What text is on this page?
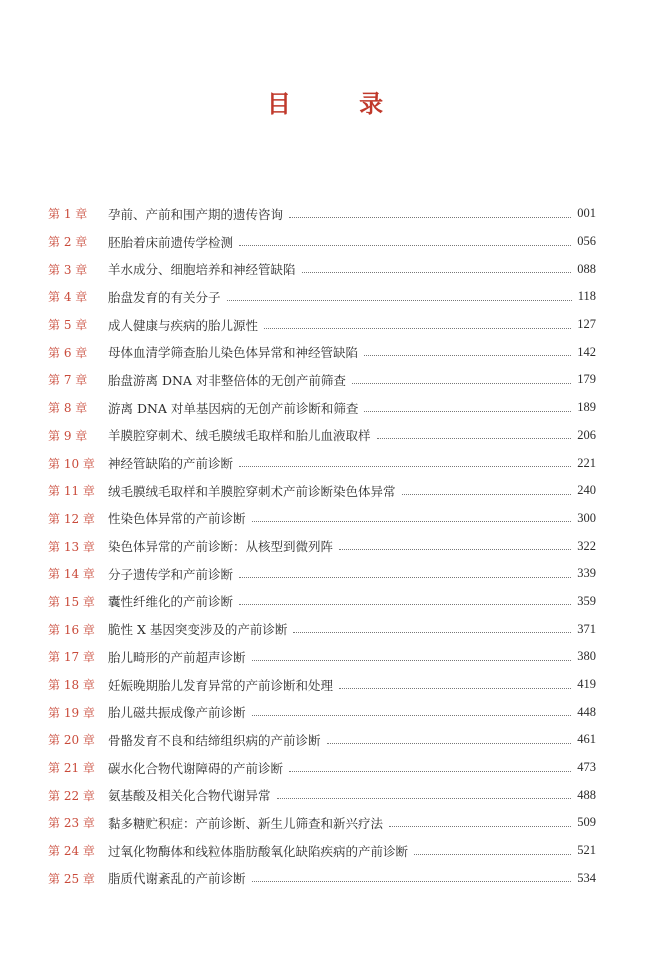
目 录
第 1 章	孕前、产前和围产期的遗传咨询	001
第 2 章	胚胎着床前遗传学检测	056
第 3 章	羊水成分、细胞培养和神经管缺陷	088
第 4 章	胎盘发育的有关分子	118
第 5 章	成人健康与疾病的胎儿源性	127
第 6 章	母体血清学筛查胎儿染色体异常和神经管缺陷	142
第 7 章	胎盘游离 DNA 对非整倍体的无创产前筛查	179
第 8 章	游离 DNA 对单基因病的无创产前诊断和筛查	189
第 9 章	羊膜腔穿刺术、绒毛膜绒毛取样和胎儿血液取样	206
第 10 章	神经管缺陷的产前诊断	221
第 11 章	绒毛膜绒毛取样和羊膜腔穿刺术产前诊断染色体异常	240
第 12 章	性染色体异常的产前诊断	300
第 13 章	染色体异常的产前诊断：从核型到微列阵	322
第 14 章	分子遗传学和产前诊断	339
第 15 章	囊性纤维化的产前诊断	359
第 16 章	脆性 X 基因突变涉及的产前诊断	371
第 17 章	胎儿畸形的产前超声诊断	380
第 18 章	妊娠晚期胎儿发育异常的产前诊断和处理	419
第 19 章	胎儿磁共振成像产前诊断	448
第 20 章	骨骼发育不良和结缔组织病的产前诊断	461
第 21 章	碳水化合物代谢障碍的产前诊断	473
第 22 章	氨基酸及相关化合物代谢异常	488
第 23 章	黏多糖贮积症：产前诊断、新生儿筛查和新兴疗法	509
第 24 章	过氧化物酶体和线粒体脂肪酸氧化缺陷疾病的产前诊断	521
第 25 章	脂质代谢紊乱的产前诊断	534
